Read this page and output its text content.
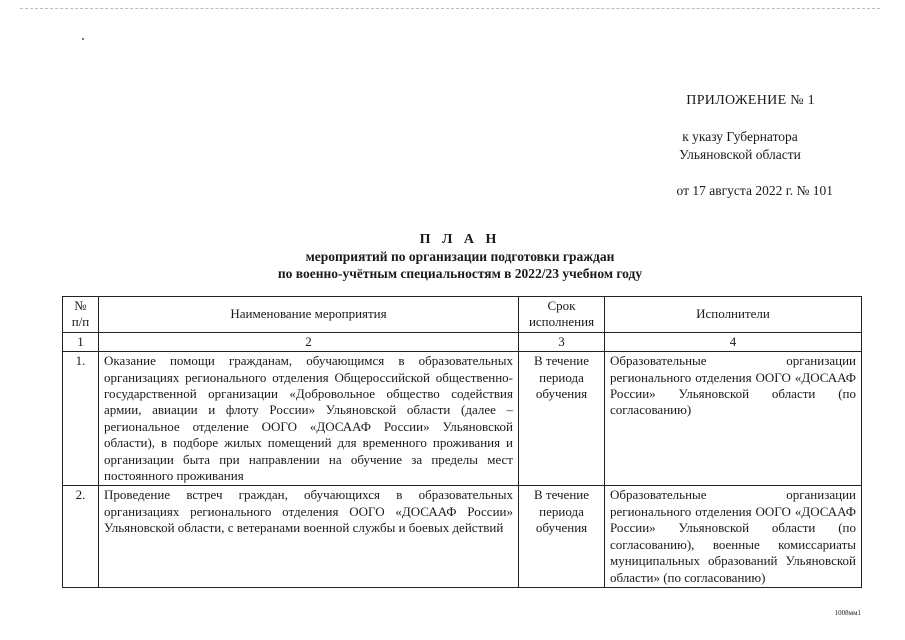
ПРИЛОЖЕНИЕ № 1
к указу Губернатора
Ульяновской области
от 17 августа 2022 г. № 101
П Л А Н
мероприятий по организации подготовки граждан
по военно-учётным специальностям в 2022/23 учебном году
№ п/п	Наименование мероприятия	Срок исполнения	Исполнители
1	2	3	4
1.	Оказание помощи гражданам, обучающимся в образовательных организациях регионального отделения Общероссийской общественно-государственной организации «Добровольное общество содействия армии, авиации и флоту России» Ульяновской области (далее – региональное отделение ООГО «ДОСААФ России» Ульяновской области), в подборе жилых помещений для временного проживания и организации быта при направлении на обучение за пределы мест постоянного проживания	В течение периода обучения	Образовательные организации регионального отделения ООГО «ДОСААФ России» Ульяновской области (по согласованию)
2.	Проведение встреч граждан, обучающихся в образовательных организациях регионального отделения ООГО «ДОСААФ России» Ульяновской области, с ветеранами военной службы и боевых действий	В течение периода обучения	Образовательные организации регионального отделения ООГО «ДОСААФ России» Ульяновской области (по согласованию), военные комиссариаты муниципальных образований Ульяновской области» (по согласованию)
1008мм1
